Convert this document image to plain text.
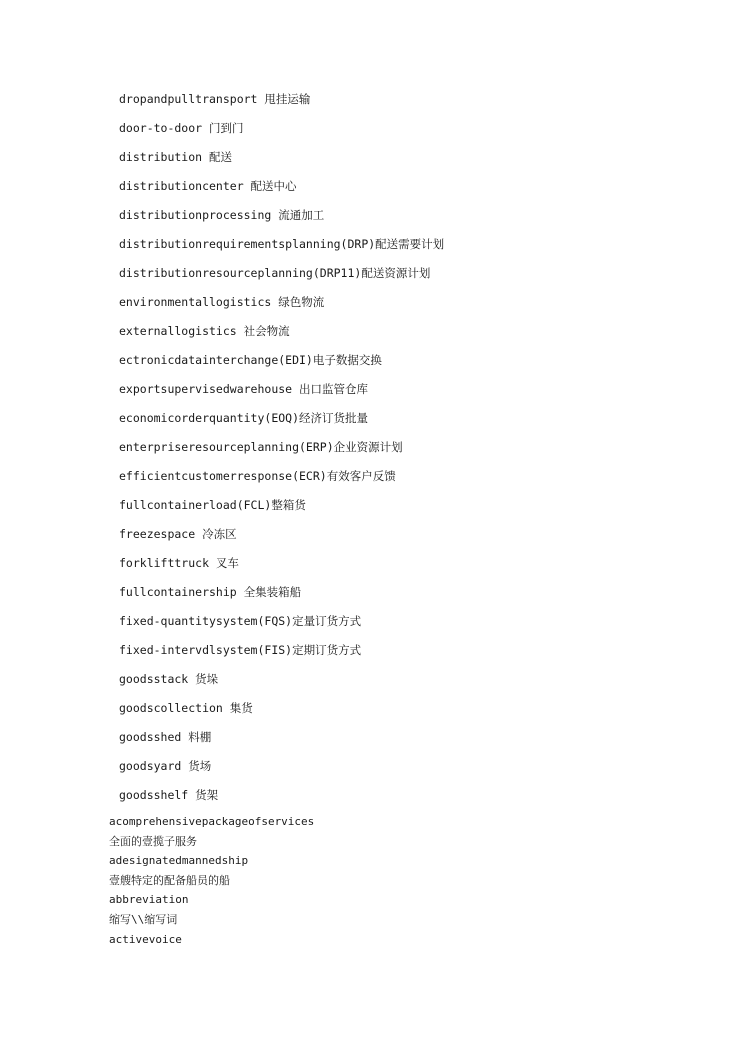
dropandpulltransport 甩挂运输
door-to-door 门到门
distribution 配送
distributioncenter 配送中心
distributionprocessing 流通加工
distributionrequirementsplanning(DRP)配送需要计划
distributionresourceplanning(DRP11)配送资源计划
environmentallogistics 绿色物流
externallogistics 社会物流
ectronicdatainterchange(EDI)电子数据交换
exportsupervisedwarehouse 出口监管仓库
economicorderquantity(EOQ)经济订货批量
enterpriseresourceplanning(ERP)企业资源计划
efficientcustomerresponse(ECR)有效客户反馈
fullcontainerload(FCL)整箱货
freezespace 冷冻区
forklifttruck 叉车
fullcontainership 全集装箱船
fixed-quantitysystem(FQS)定量订货方式
fixed-intervdlsystem(FIS)定期订货方式
goodsstack 货垛
goodscollection 集货
goodsshed 料棚
goodsyard 货场
goodsshelf 货架
acomprehensivepackageofservices
全面的壹揽子服务
adesignatedmannedship
壹艘特定的配备船员的船
abbreviation
缩写\\缩写词
activevoice
